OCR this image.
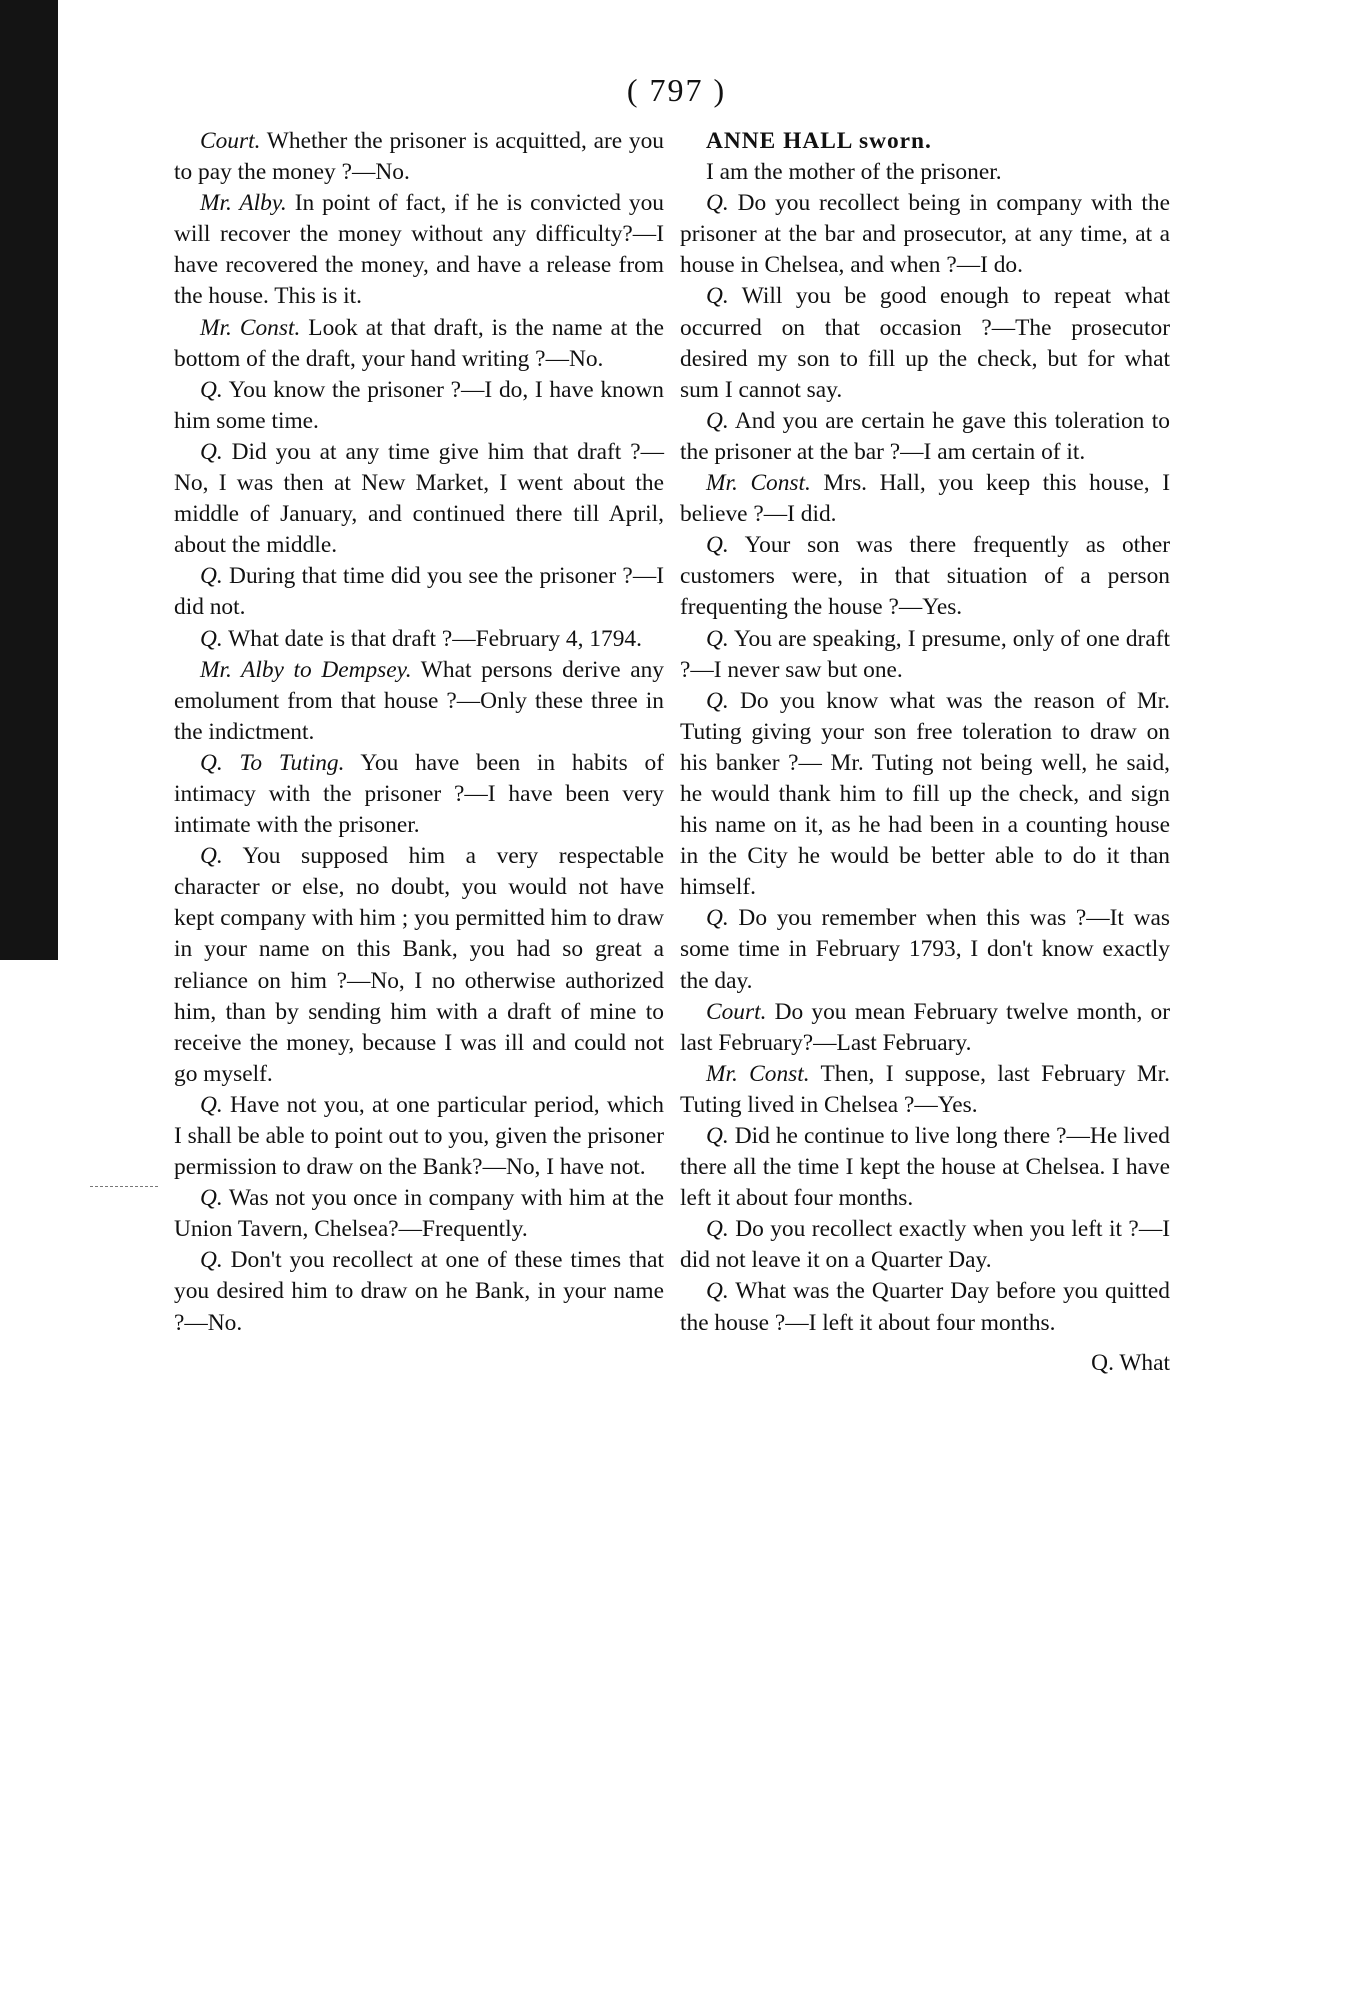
( 797 )

Court. Whether the prisoner is acquitted, are you to pay the money ?—No.

Mr. Alby. In point of fact, if he is convicted you will recover the money without any difficulty?—I have recovered the money, and have a release from the house. This is it.

Mr. Const. Look at that draft, is the name at the bottom of the draft, your hand writing ?—No.

Q. You know the prisoner ?—I do, I have known him some time.

Q. Did you at any time give him that draft ?—No, I was then at New Market, I went about the middle of January, and continued there till April, about the middle.

Q. During that time did you see the prisoner ?—I did not.

Q. What date is that draft ?—February 4, 1794.

Mr. Alby to Dempsey. What persons derive any emolument from that house ?—Only these three in the indictment.

Q. To Tuting. You have been in habits of intimacy with the prisoner ?—I have been very intimate with the prisoner.

Q. You supposed him a very respectable character or else, no doubt, you would not have kept company with him ; you permitted him to draw in your name on this Bank, you had so great a reliance on him ?—No, I no otherwise authorized him, than by sending him with a draft of mine to receive the money, because I was ill and could not go myself.

Q. Have not you, at one particular period, which I shall be able to point out to you, given the prisoner permission to draw on the Bank?—No, I have not.

Q. Was not you once in company with him at the Union Tavern, Chelsea?—Frequently.

Q. Don't you recollect at one of these times that you desired him to draw on he Bank, in your name ?—No.

ANNE HALL sworn.

I am the mother of the prisoner.

Q. Do you recollect being in company with the prisoner at the bar and prosecutor, at any time, at a house in Chelsea, and when ?—I do.

Q. Will you be good enough to repeat what occurred on that occasion ?—The prosecutor desired my son to fill up the check, but for what sum I cannot say.

Q. And you are certain he gave this toleration to the prisoner at the bar ?—I am certain of it.

Mr. Const. Mrs. Hall, you keep this house, I believe ?—I did.

Q. Your son was there frequently as other customers were, in that situation of a person frequenting the house ?—Yes.

Q. You are speaking, I presume, only of one draft ?—I never saw but one.

Q. Do you know what was the reason of Mr. Tuting giving your son free toleration to draw on his banker ?— Mr. Tuting not being well, he said, he would thank him to fill up the check, and sign his name on it, as he had been in a counting house in the City he would be better able to do it than himself.

Q. Do you remember when this was ?—It was some time in February 1793, I don't know exactly the day.

Court. Do you mean February twelve month, or last February?—Last February.

Mr. Const. Then, I suppose, last February Mr. Tuting lived in Chelsea ?—Yes.

Q. Did he continue to live long there ?—He lived there all the time I kept the house at Chelsea. I have left it about four months.

Q. Do you recollect exactly when you left it ?—I did not leave it on a Quarter Day.

Q. What was the Quarter Day before you quitted the house ?—I left it about four months.

Q. What
